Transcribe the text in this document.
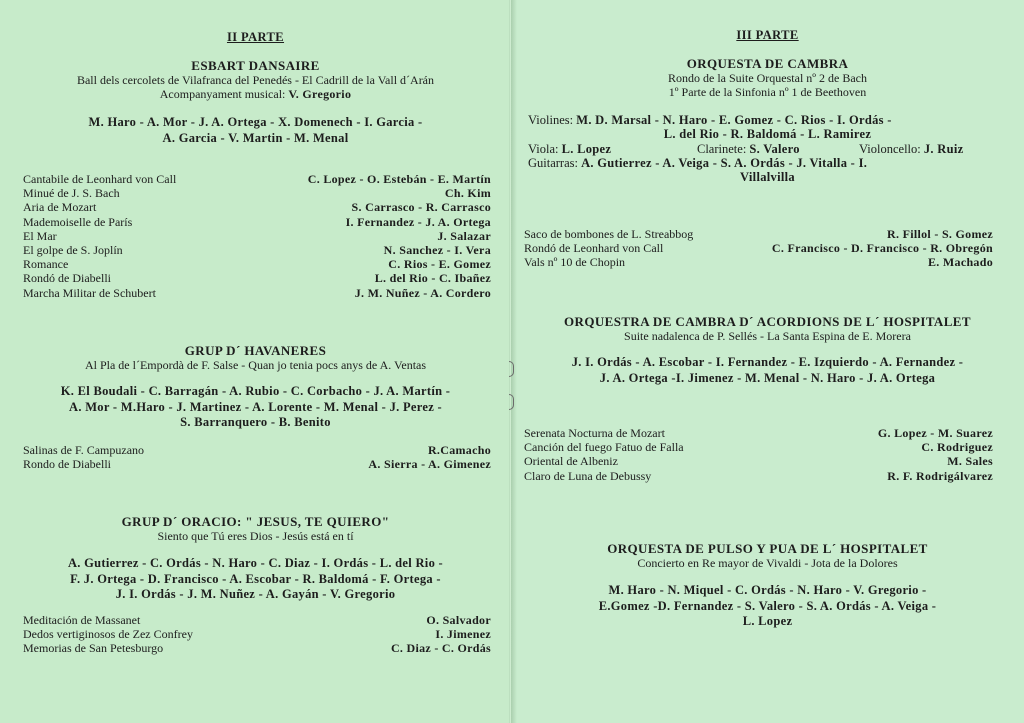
II PARTE
ESBART DANSAIRE
Ball dels cercolets de Vilafranca del Penedés - El Cadrill de la Vall d´Arán
Acompanyament musical: V. Gregorio
M. Haro - A. Mor - J. A. Ortega - X. Domenech - I. Garcia -
A. Garcia - V. Martin - M. Menal
Cantabile de Leonhard von Call	C. Lopez - O. Estebán - E. Martín
Minué de J. S. Bach	Ch. Kim
Aria de Mozart	S. Carrasco - R. Carrasco
Mademoiselle de París	I. Fernandez - J. A. Ortega
El Mar	J. Salazar
El golpe de S. Joplín	N. Sanchez - I. Vera
Romance	C. Rios - E. Gomez
Rondó de Diabelli	L. del Rio - C. Ibañez
Marcha Militar de Schubert	J. M. Nuñez - A. Cordero
GRUP D´ HAVANERES
Al Pla de l´Empordà de F. Salse - Quan jo tenia pocs anys de A. Ventas
K. El Boudali - C. Barragán - A. Rubio - C. Corbacho - J. A. Martín -
A. Mor - M.Haro - J. Martinez - A. Lorente - M. Menal - J. Perez -
S. Barranquero - B. Benito
Salinas de F. Campuzano	R.Camacho
Rondo de Diabelli	A. Sierra - A. Gimenez
GRUP D´ ORACIO: " JESUS, TE QUIERO"
Siento que Tú eres Dios - Jesús está en tí
A. Gutierrez - C. Ordás - N. Haro - C. Diaz - I. Ordás - L. del Rio -
F. J. Ortega - D. Francisco - A. Escobar - R. Baldomá - F. Ortega -
J. I. Ordás - J. M. Nuñez - A. Gayán - V. Gregorio
Meditación de Massanet	O. Salvador
Dedos vertiginosos de Zez Confrey	I. Jimenez
Memorias de San Petesburgo	C. Diaz - C. Ordás
III PARTE
ORQUESTA DE CAMBRA
Rondo de la Suite Orquestal nº 2 de Bach
1º Parte de la Sinfonia nº 1 de Beethoven
Violines: M. D. Marsal - N. Haro - E. Gomez - C. Rios - I. Ordás -
L. del Rio - R. Baldomá - L. Ramirez
Viola: L. Lopez	Clarinete: S. Valero	Violoncello: J. Ruiz
Guitarras: A. Gutierrez - A. Veiga - S. A. Ordás - J. Vitalla - I.
Villalvilla
Saco de bombones de L. Streabbog	R. Fillol - S. Gomez
Rondó de Leonhard von Call	C. Francisco - D. Francisco - R. Obregón
Vals nº 10 de Chopin	E. Machado
ORQUESTRA DE CAMBRA D´ ACORDIONS DE L´ HOSPITALET
Suite nadalenca de P. Sellés - La Santa Espina de E. Morera
J. I. Ordás - A. Escobar - I. Fernandez - E. Izquierdo - A. Fernandez -
J. A. Ortega -I. Jimenez - M. Menal - N. Haro - J. A. Ortega
Serenata Nocturna de Mozart	G. Lopez - M. Suarez
Canción del fuego Fatuo de Falla	C. Rodriguez
Oriental de Albeniz	M. Sales
Claro de Luna de Debussy	R. F. Rodrigálvarez
ORQUESTA DE PULSO Y PUA DE L´ HOSPITALET
Concierto en Re mayor de Vivaldi - Jota de la Dolores
M. Haro - N. Miquel - C. Ordás - N. Haro - V. Gregorio -
E.Gomez -D. Fernandez - S. Valero - S. A. Ordás - A. Veiga -
L. Lopez
